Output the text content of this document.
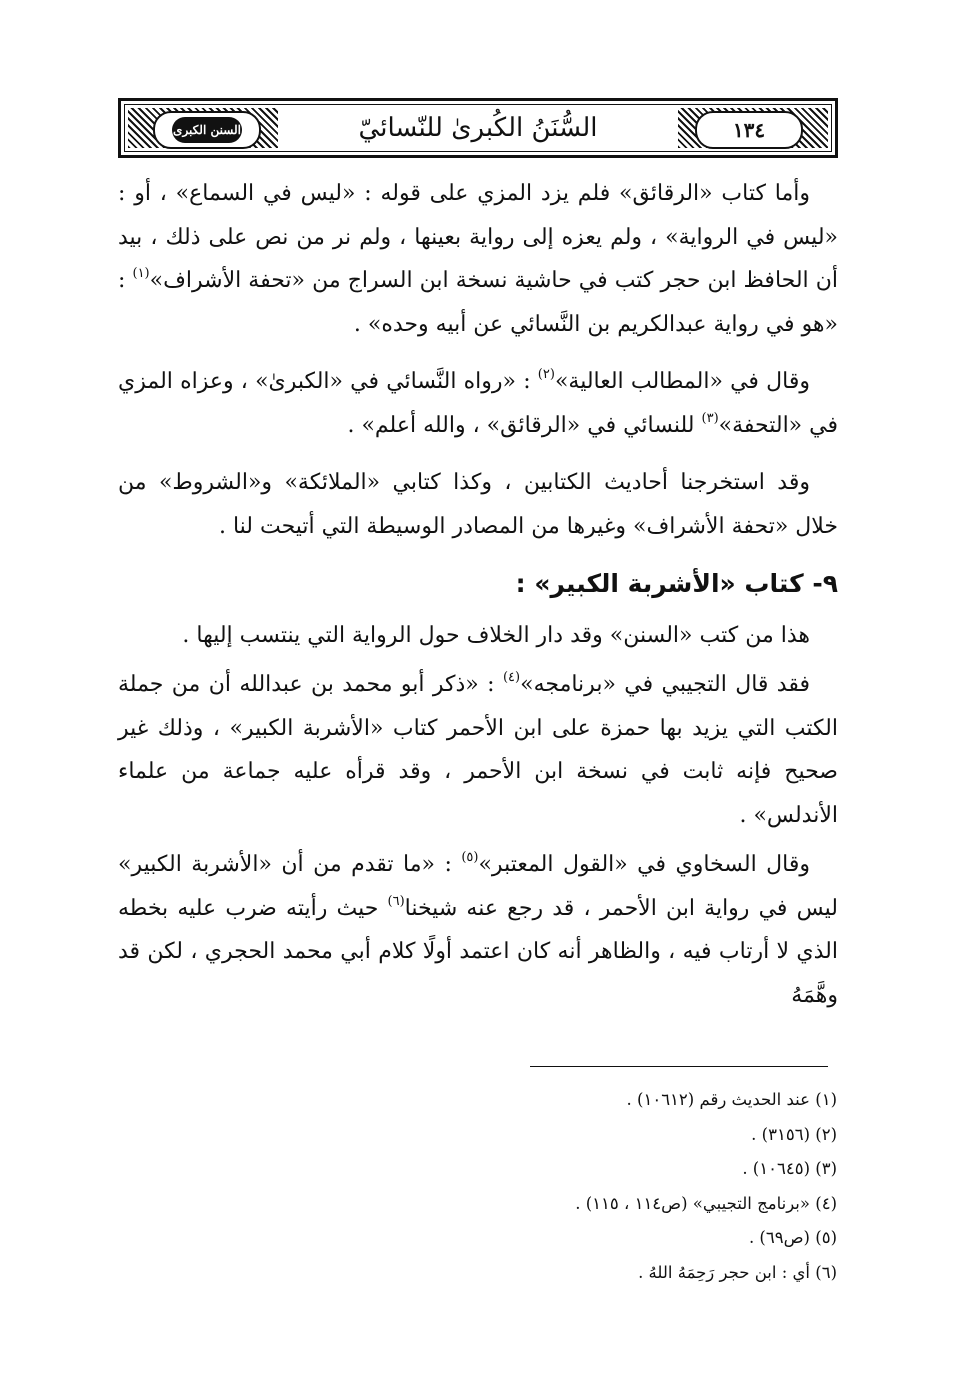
السنن الكبرى	السُّنَنُ الكُبرىٰ للنّسائيّ	١٣٤

وأما كتاب «الرقائق» فلم يزد المزي على قوله : «ليس في السماع» ، أو : «ليس في الرواية» ، ولم يعزه إلى رواية بعينها ، ولم نر من نص على ذلك ، بيد أن الحافظ ابن حجر كتب في حاشية نسخة ابن السراج من «تحفة الأشراف»$^{(١)}$ : «هو في رواية عبدالكريم بن النَّسائي عن أبيه وحده» .

وقال في «المطالب العالية»$^{(٢)}$ : «رواه النَّسائي في «الكبرىٰ» ، وعزاه المزي في «التحفة»$^{(٣)}$ للنسائي في «الرقائق» ، والله أعلم» .

وقد استخرجنا أحاديث الكتابين ، وكذا كتابي «الملائكة» و«الشروط» من خلال «تحفة الأشراف» وغيرها من المصادر الوسيطة التي أتيحت لنا .

٩- كتاب «الأشربة الكبير» :

هذا من كتب «السنن» وقد دار الخلاف حول الرواية التي ينتسب إليها .

فقد قال التجيبي في «برنامجه»$^{(٤)}$ : «ذكر أبو محمد بن عبدالله أن من جملة الكتب التي يزيد بها حمزة على ابن الأحمر كتاب «الأشربة الكبير» ، وذلك غير صحيح فإنه ثابت في نسخة ابن الأحمر ، وقد قرأه عليه جماعة من علماء الأندلس» .

وقال السخاوي في «القول المعتبر»$^{(٥)}$ : «ما تقدم من أن «الأشربة الكبير» ليس في رواية ابن الأحمر ، قد رجع عنه شيخنا$^{(٦)}$ حيث رأيته ضرب عليه بخطه الذي لا أرتاب فيه ، والظاهر أنه كان اعتمد أولًا كلام أبي محمد الحجري ، لكن قد وهَّمَهُ

(١) عند الحديث رقم (١٠٦١٢) .

(٢) (٣١٥٦) .

(٣) (١٠٦٤٥) .

(٤) «برنامج التجيبي» (ص١١٤ ، ١١٥) .

(٥) (ص٦٩) .

(٦) أي : ابن حجر رَحِمَهُ اللهُ .
